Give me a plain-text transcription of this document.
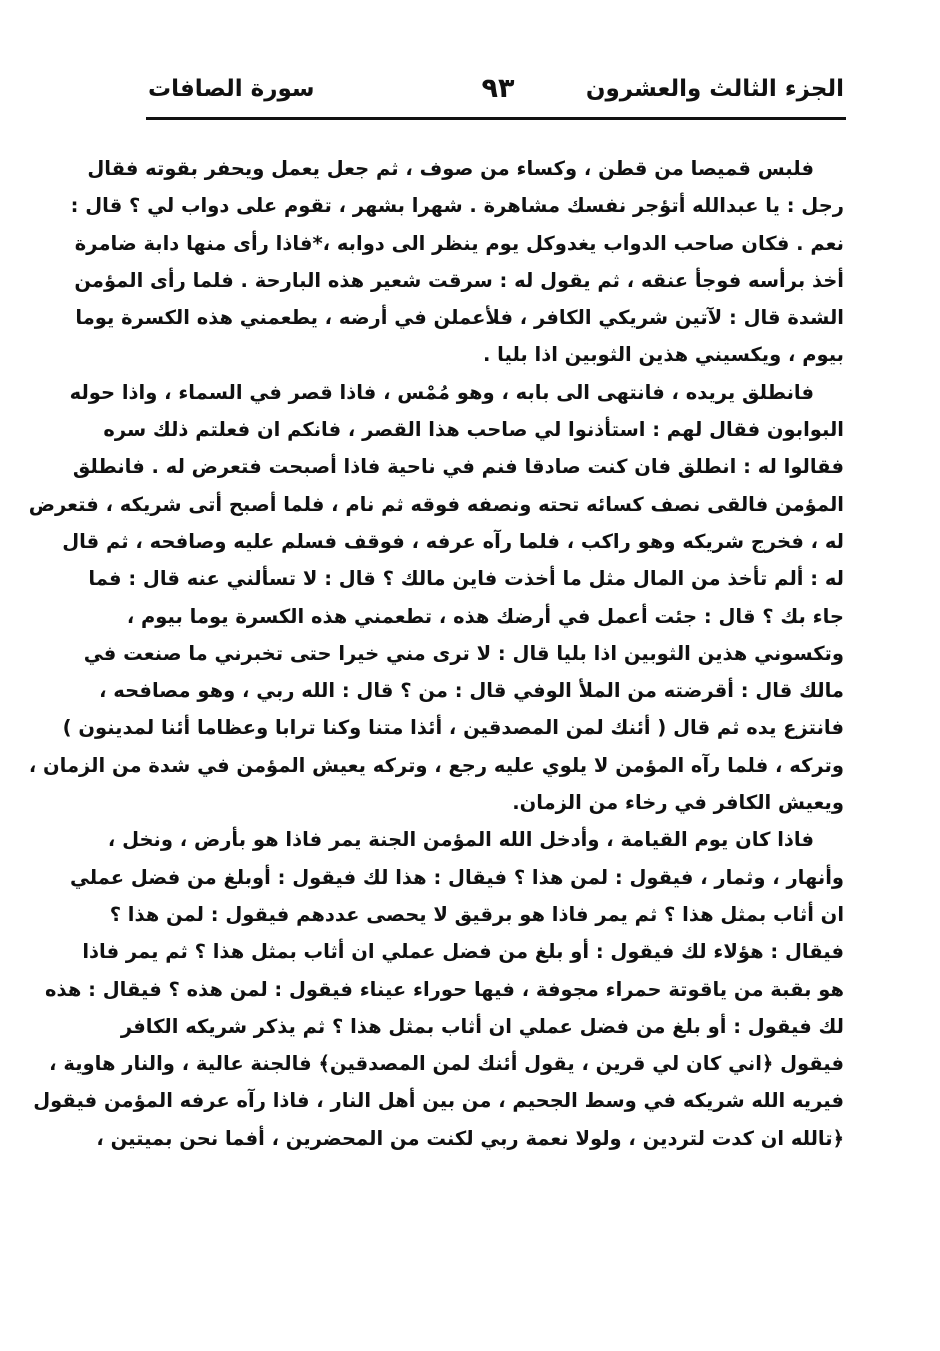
الجزء الثالث والعشرون
٩٣
سورة الصافات
فلبس قميصا من قطن ، وكساء من صوف ، ثم جعل يعمل ويحفر بقوته فقال
رجل : يا عبدالله أتؤجر نفسك مشاهرة . شهرا بشهر ، تقوم على دواب لي ؟ قال :
نعم . فكان صاحب الدواب يغدوكل يوم ينظر الى دوابه ،*فاذا رأى منها دابة ضامرة
أخذ برأسه فوجأ عنقه ، ثم يقول له : سرقت شعير هذه البارحة . فلما رأى المؤمن
الشدة قال : لآتين شريكي الكافر ، فلأعملن في أرضه ، يطعمني هذه الكسرة يوما
بيوم ، ويكسيني هذين الثوبين اذا بليا .
فانطلق يريده ، فانتهى الى بابه ، وهو مُمْس ، فاذا قصر في السماء ، واذا حوله
البوابون فقال لهم : استأذنوا لي صاحب هذا القصر ، فانكم ان فعلتم ذلك سره
فقالوا له : انطلق فان كنت صادقا فنم في ناحية فاذا أصبحت فتعرض له . فانطلق
المؤمن فالقى نصف كسائه تحته ونصفه فوقه ثم نام ، فلما أصبح أتى شريكه ، فتعرض
له ، فخرج شريكه وهو راكب ، فلما رآه عرفه ، فوقف فسلم عليه وصافحه ، ثم قال
له : ألم تأخذ من المال مثل ما أخذت فاين مالك ؟ قال : لا تسألني عنه قال : فما
جاء بك ؟ قال : جئت أعمل في أرضك هذه ، تطعمني هذه الكسرة يوما بيوم ،
وتكسوني هذين الثوبين اذا بليا قال : لا ترى مني خيرا حتى تخبرني ما صنعت في
مالك قال : أقرضته من الملأ الوفي قال : من ؟ قال : الله ربي ، وهو مصافحه ،
فانتزع يده ثم قال ( أئنك لمن المصدقين ، أئذا متنا وكنا ترابا وعظاما أئنا لمدينون )
وتركه ، فلما رآه المؤمن لا يلوي عليه رجع ، وتركه يعيش المؤمن في شدة من الزمان ،
ويعيش الكافر في رخاء من الزمان.
فاذا كان يوم القيامة ، وأدخل الله المؤمن الجنة يمر فاذا هو بأرض ، ونخل ،
وأنهار ، وثمار ، فيقول : لمن هذا ؟ فيقال : هذا لك فيقول : أوبلغ من فضل عملي
ان أثاب بمثل هذا ؟ ثم يمر فاذا هو برقيق لا يحصى عددهم فيقول : لمن هذا ؟
فيقال : هؤلاء لك فيقول : أو بلغ من فضل عملي ان أثاب بمثل هذا ؟ ثم يمر فاذا
هو بقبة من ياقوتة حمراء مجوفة ، فيها حوراء عيناء فيقول : لمن هذه ؟ فيقال : هذه
لك فيقول : أو بلغ من فضل عملي ان أثاب بمثل هذا ؟ ثم يذكر شريكه الكافر
فيقول ﴿اني كان لي قرين ، يقول أئنك لمن المصدقين﴾ فالجنة عالية ، والنار هاوية ،
فيريه الله شريكه في وسط الجحيم ، من بين أهل النار ، فاذا رآه عرفه المؤمن فيقول
﴿تالله ان كدت لتردين ، ولولا نعمة ربي لكنت من المحضرين ، أفما نحن بميتين ،
